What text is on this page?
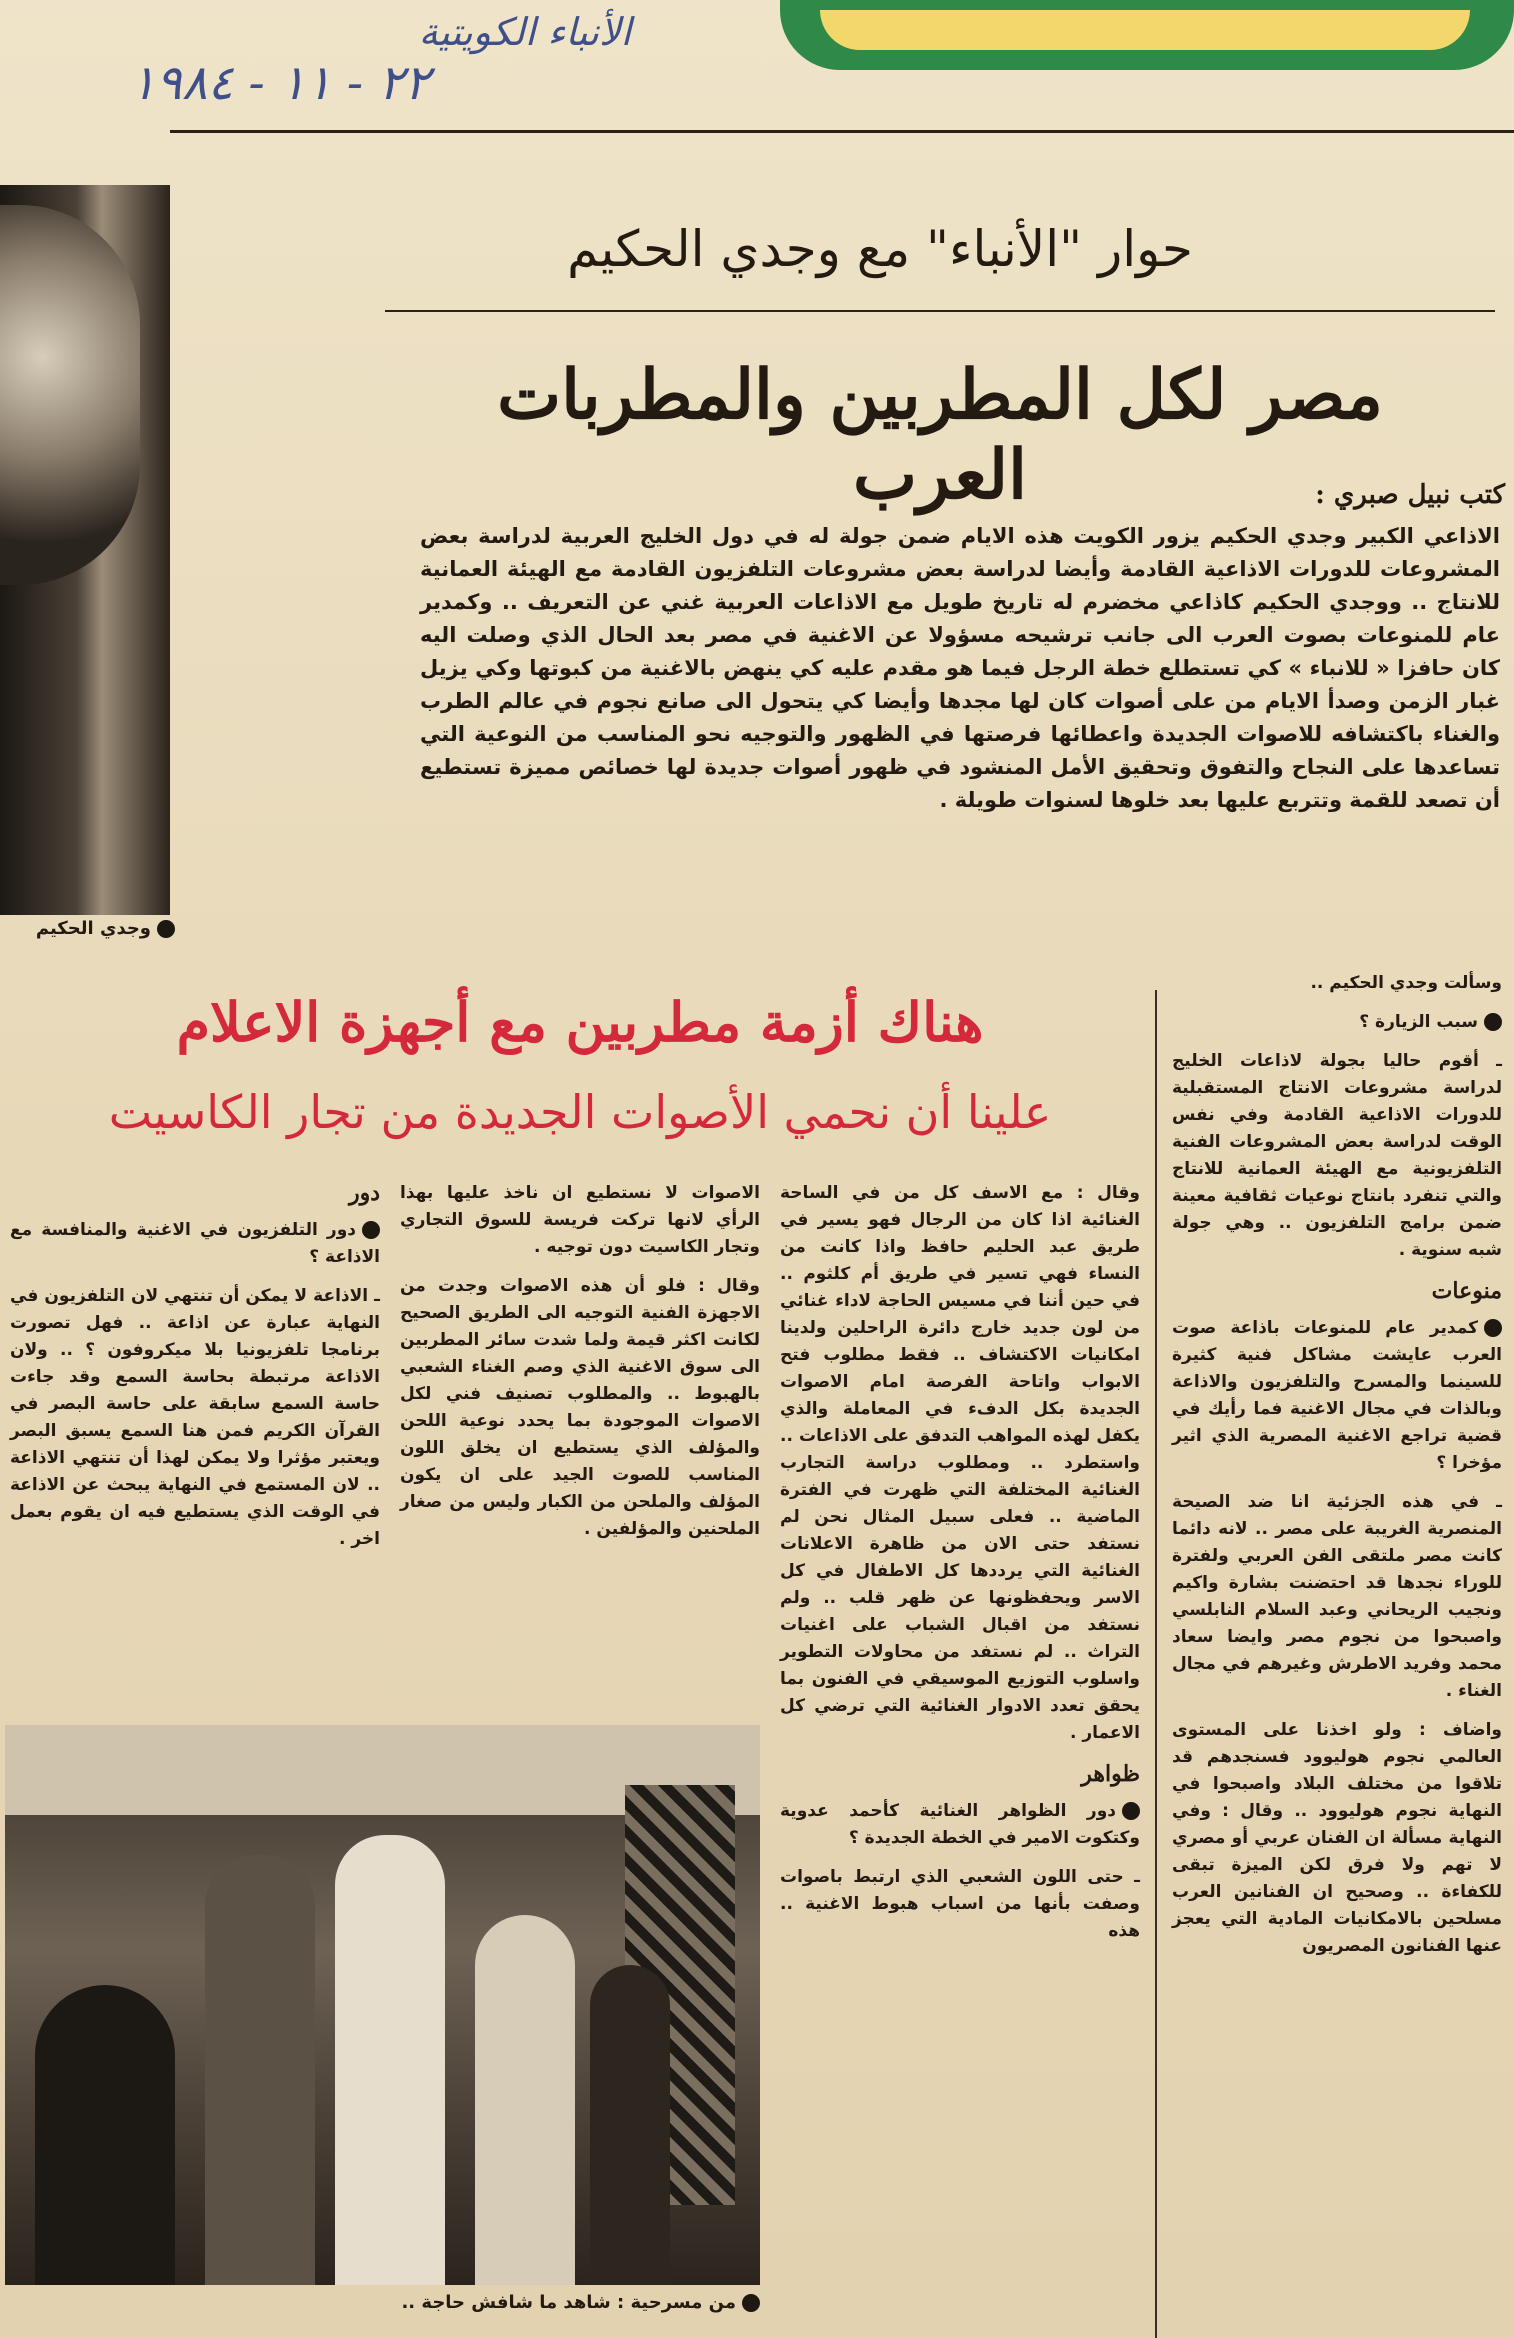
الأنباء الكويتية
٢٢ - ١١ - ١٩٨٤
وجدي الحكيم
حوار "الأنباء" مع وجدي الحكيم
مصر لكل المطربين والمطربات العرب	كتب نبيل صبري :
الاذاعي الكبير وجدي الحكيم يزور الكويت هذه الايام ضمن جولة له في دول الخليج العربية لدراسة بعض المشروعات للدورات الاذاعية القادمة وأيضا لدراسة بعض مشروعات التلفزيون القادمة مع الهيئة العمانية للانتاج .. ووجدي الحكيم كاذاعي مخضرم له تاريخ طويل مع الاذاعات العربية غني عن التعريف .. وكمدير عام للمنوعات بصوت العرب الى جانب ترشيحه مسؤولا عن الاغنية في مصر بعد الحال الذي وصلت اليه كان حافزا « للانباء » كي تستطلع خطة الرجل فيما هو مقدم عليه كي ينهض بالاغنية من كبوتها وكي يزيل غبار الزمن وصدأ الايام من على أصوات كان لها مجدها وأيضا كي يتحول الى صانع نجوم في عالم الطرب والغناء باكتشافه للاصوات الجديدة واعطائها فرصتها في الظهور والتوجيه نحو المناسب من النوعية التي تساعدها على النجاح والتفوق وتحقيق الأمل المنشود في ظهور أصوات جديدة لها خصائص مميزة تستطيع أن تصعد للقمة وتتربع عليها بعد خلوها لسنوات طويلة .
هناك أزمة مطربين مع أجهزة الاعلام
علينا أن نحمي الأصوات الجديدة من تجار الكاسيت

وسألت وجدي الحكيم ..

سبب الزيارة ؟

ـ أقوم حاليا بجولة لاذاعات الخليج لدراسة مشروعات الانتاج المستقبلية للدورات الاذاعية القادمة وفي نفس الوقت لدراسة بعض المشروعات الفنية التلفزيونية مع الهيئة العمانية للانتاج والتي تنفرد بانتاج نوعيات ثقافية معينة ضمن برامج التلفزيون .. وهي جولة شبه سنوية .

منوعات

كمدير عام للمنوعات باذاعة صوت العرب عايشت مشاكل فنية كثيرة للسينما والمسرح والتلفزيون والاذاعة وبالذات في مجال الاغنية فما رأيك في قضية تراجع الاغنية المصرية الذي اثير مؤخرا ؟

ـ في هذه الجزئية انا ضد الصيحة المنصرية الغريبة على مصر .. لانه دائما كانت مصر ملتقى الفن العربي ولفترة للوراء نجدها قد احتضنت بشارة واكيم ونجيب الريحاني وعبد السلام النابلسي واصبحوا من نجوم مصر وايضا سعاد محمد وفريد الاطرش وغيرهم في مجال الغناء .

واضاف : ولو اخذنا على المستوى العالمي نجوم هوليوود فسنجدهم قد تلاقوا من مختلف البلاد واصبحوا في النهاية نجوم هوليوود .. وقال : وفي النهاية مسألة ان الفنان عربي أو مصري لا تهم ولا فرق لكن الميزة تبقى للكفاءة .. وصحيح ان الفنانين العرب مسلحين بالامكانيات المادية التي يعجز عنها الفنانون المصريون

وقال : مع الاسف كل من في الساحة الغنائية اذا كان من الرجال فهو يسير في طريق عبد الحليم حافظ واذا كانت من النساء فهي تسير في طريق أم كلثوم .. في حين أننا في مسيس الحاجة لاداء غنائي من لون جديد خارج دائرة الراحلين ولدينا امكانيات الاكتشاف .. فقط مطلوب فتح الابواب واتاحة الفرصة امام الاصوات الجديدة بكل الدفء في المعاملة والذي يكفل لهذه المواهب التدفق على الاذاعات .. واستطرد .. ومطلوب دراسة التجارب الغنائية المختلفة التي ظهرت في الفترة الماضية .. فعلى سبيل المثال نحن لم نستفد حتى الان من ظاهرة الاعلانات الغنائية التي يرددها كل الاطفال في كل الاسر ويحفظونها عن ظهر قلب .. ولم نستفد من اقبال الشباب على اغنيات التراث .. لم نستفد من محاولات التطوير واسلوب التوزيع الموسيقي في الفنون بما يحقق تعدد الادوار الغنائية التي ترضي كل الاعمار .

ظواهر

دور الظواهر الغنائية كأحمد عدوية وكتكوت الامير في الخطة الجديدة ؟

ـ حتى اللون الشعبي الذي ارتبط باصوات وصفت بأنها من اسباب هبوط الاغنية .. هذه

الاصوات لا نستطيع ان ناخذ عليها بهذا الرأي لانها تركت فريسة للسوق التجاري وتجار الكاسيت دون توجيه .

وقال : فلو أن هذه الاصوات وجدت من الاجهزة الفنية التوجيه الى الطريق الصحيح لكانت اكثر قيمة ولما شدت سائر المطربين الى سوق الاغنية الذي وصم الغناء الشعبي بالهبوط .. والمطلوب تصنيف فني لكل الاصوات الموجودة بما يحدد نوعية اللحن والمؤلف الذي يستطيع ان يخلق اللون المناسب للصوت الجيد على ان يكون المؤلف والملحن من الكبار وليس من صغار الملحنين والمؤلفين .

دور

دور التلفزيون في الاغنية والمنافسة مع الاذاعة ؟

ـ الاذاعة لا يمكن أن تنتهي لان التلفزيون في النهاية عبارة عن اذاعة .. فهل تصورت برنامجا تلفزيونيا بلا ميكروفون ؟ .. ولان الاذاعة مرتبطة بحاسة السمع وقد جاءت حاسة السمع سابقة على حاسة البصر في القرآن الكريم فمن هنا السمع يسبق البصر ويعتبر مؤثرا ولا يمكن لهذا أن تنتهي الاذاعة .. لان المستمع في النهاية يبحث عن الاذاعة في الوقت الذي يستطيع فيه ان يقوم بعمل اخر .

من مسرحية : شاهد ما شافش حاجة ..
